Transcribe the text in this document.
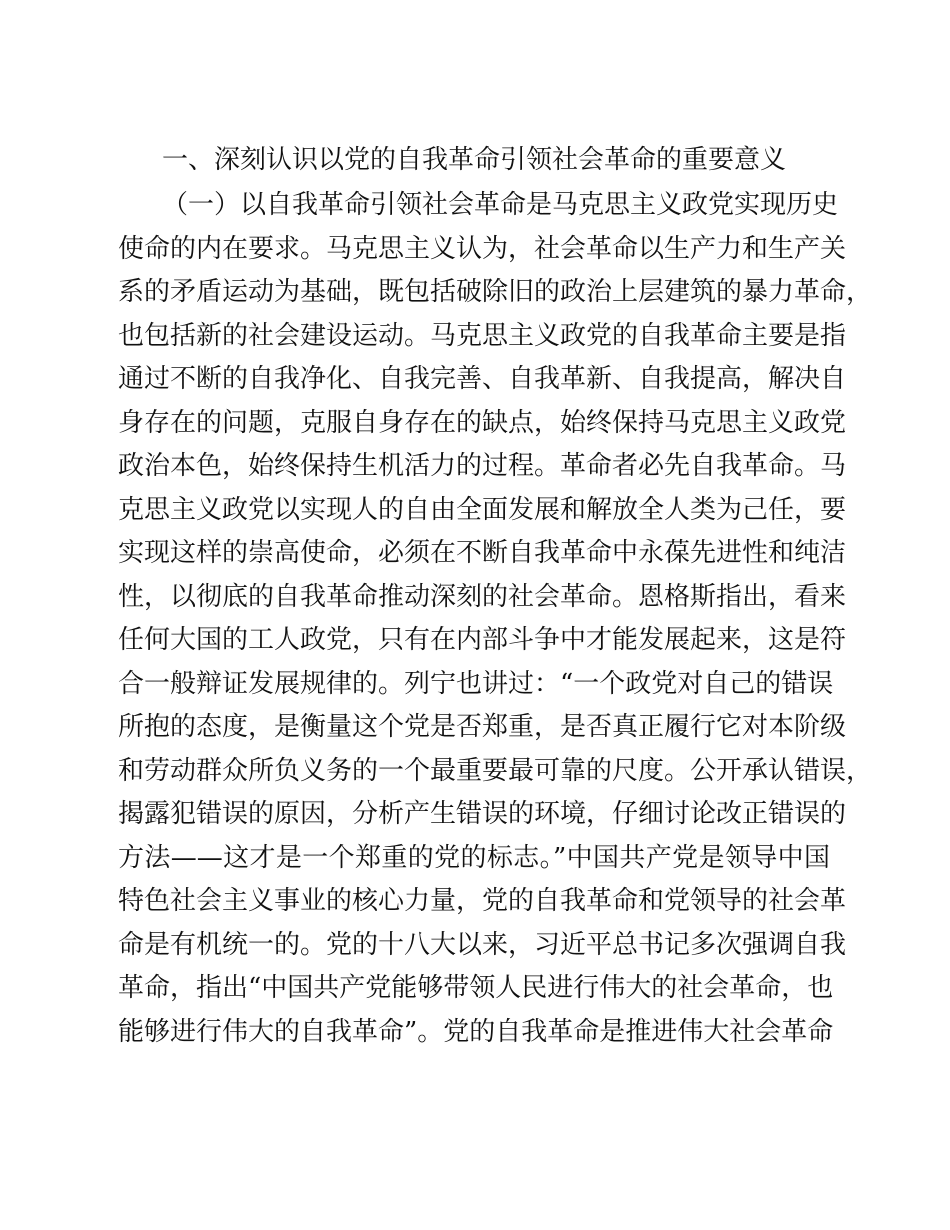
一、深刻认识以党的自我革命引领社会革命的重要意义
（一）以自我革命引领社会革命是马克思主义政党实现历史
使命的内在要求。马克思主义认为，社会革命以生产力和生产关
系的矛盾运动为基础，既包括破除旧的政治上层建筑的暴力革命，
也包括新的社会建设运动。马克思主义政党的自我革命主要是指
通过不断的自我净化、自我完善、自我革新、自我提高，解决自
身存在的问题，克服自身存在的缺点，始终保持马克思主义政党
政治本色，始终保持生机活力的过程。革命者必先自我革命。马
克思主义政党以实现人的自由全面发展和解放全人类为己任，要
实现这样的崇高使命，必须在不断自我革命中永葆先进性和纯洁
性，以彻底的自我革命推动深刻的社会革命。恩格斯指出，看来
任何大国的工人政党，只有在内部斗争中才能发展起来，这是符
合一般辩证发展规律的。列宁也讲过：“一个政党对自己的错误
所抱的态度，是衡量这个党是否郑重，是否真正履行它对本阶级
和劳动群众所负义务的一个最重要最可靠的尺度。公开承认错误，
揭露犯错误的原因，分析产生错误的环境，仔细讨论改正错误的
方法——这才是一个郑重的党的标志。”中国共产党是领导中国
特色社会主义事业的核心力量，党的自我革命和党领导的社会革
命是有机统一的。党的十八大以来，习近平总书记多次强调自我
革命，指出“中国共产党能够带领人民进行伟大的社会革命，也
能够进行伟大的自我革命”。党的自我革命是推进伟大社会革命
